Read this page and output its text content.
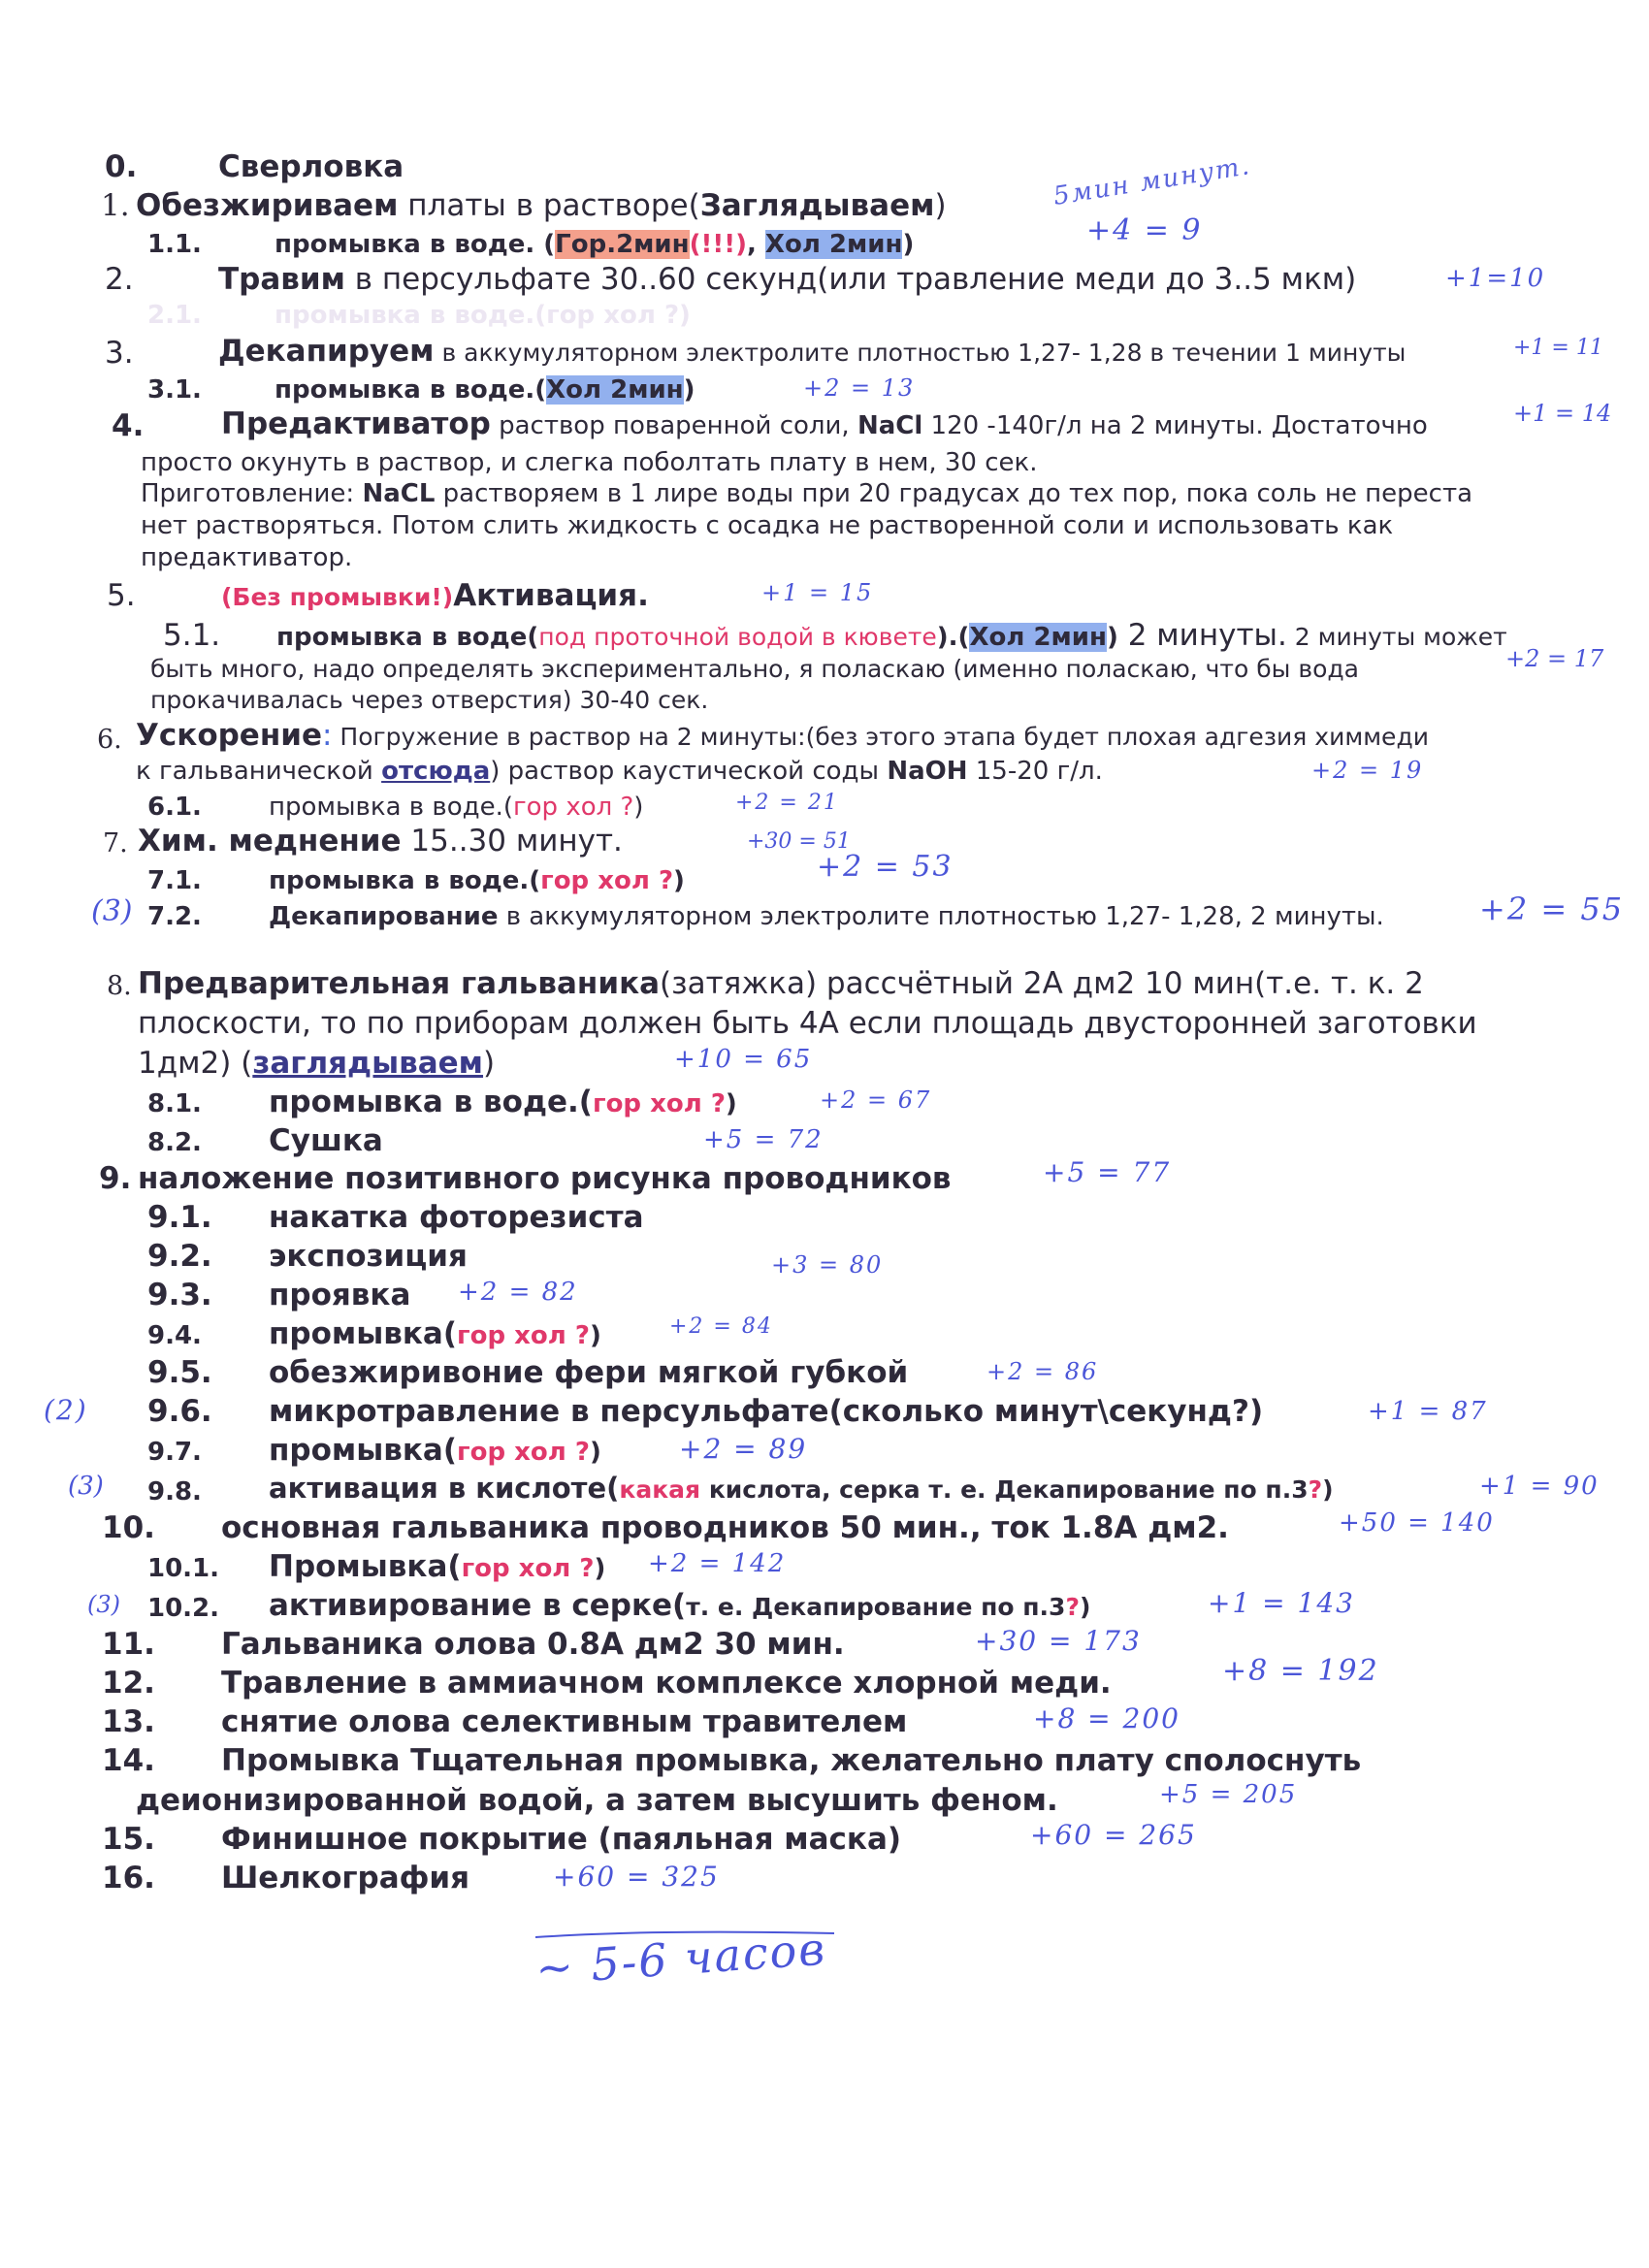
0.	Сверловка
1. Обезжириваем платы в растворе(Заглядываем)
1.1.	промывка в воде. (Гор.2мин(!!!), Хол 2мин)
2.	Травим в персульфате 30..60 секунд(или травление меди до 3..5 мкм)
2.1.	промывка в воде.(гор хол ?)
3.	Декапируем в аккумуляторном электролите плотностью 1,27- 1,28 в течении 1 минуты
3.1.	промывка в воде.(Хол 2мин)
4.	Предактиватор раствор поваренной соли, NaCl 120 -140г/л на 2 минуты. Достаточно
просто окунуть в раствор, и слегка поболтать плату в нем, 30 сек.
Приготовление: NaCL растворяем в 1 лире воды при 20 градусах до тех пор, пока соль не переста
нет растворяться. Потом слить жидкость с осадка не растворенной соли и использовать как
предактиватор.
5.	(Без промывки!)Активация.
5.1. промывка в воде(под проточной водой в кювете).(Хол 2мин) 2 минуты. 2 минуты может
быть много, надо определять экспериментально, я поласкаю (именно поласкаю, что бы вода
прокачивалась через отверстия) 30-40 сек.
6. Ускорение: Погружение в раствор на 2 минуты:(без этого этапа будет плохая адгезия химмеди
к гальванической отсюда) раствор каустической соды NaOH 15-20 г/л.
6.1.	промывка в воде.(гор хол ?)
7. Хим. меднение 15..30 минут.
7.1.	промывка в воде.(гор хол ?)
7.2.	Декапирование в аккумуляторном электролите плотностью 1,27- 1,28, 2 минуты.
8. Предварительная гальваника(затяжка) рассчётный 2А дм2 10 мин(т.е. т. к. 2
плоскости, то по приборам должен быть 4А если площадь двусторонней заготовки
1дм2) (заглядываем)
8.1. промывка в воде.(гор хол ?)
8.2. Сушка
9. наложение позитивного рисунка проводников
9.1. накатка фоторезиста
9.2. экспозиция
9.3. проявка
9.4. промывка(гор хол ?)
9.5. обезжиривоние фери мягкой губкой
9.6. микротравление в персульфате(сколько минут\секунд?)
9.7. промывка(гор хол ?)
9.8. активация в кислоте(какая кислота, серка т. е. Декапирование по п.3?)
10. основная гальваника проводников 50 мин., ток 1.8А дм2.
10.1. Промывка(гор хол ?)
10.2. активирование в серке(т. е. Декапирование по п.3?)
11. Гальваника олова 0.8А дм2 30 мин.
12. Травление в аммиачном комплексе хлорной меди.
13. снятие олова селективным травителем
14. Промывка Тщательная промывка, желательно плату сполоснуть
деионизированной водой, а затем высушить феном.
15. Финишное покрытие (паяльная маска)
16. Шелкография
5мин минут.
+4 = 9
+1=10
+1 = 11
+2 = 13
+1 = 14
+1 = 15
+2 = 17
+2 = 19
+2 = 21
+30 = 51
+2 = 53
(3)	+2 = 55
+10 = 65
+2 = 67
+5 = 72
+5 = 77
+3 = 80
+2 = 82
+2 = 84
+2 = 86
(2)	+1 = 87
+2 = 89
(3)	+1 = 90
+50 = 140
+2 = 142
(3)	+1 = 143
+30 = 173
+8 = 192
+8 = 200
+5 = 205
+60 = 265
+60 = 325
~ 5-6 часов
